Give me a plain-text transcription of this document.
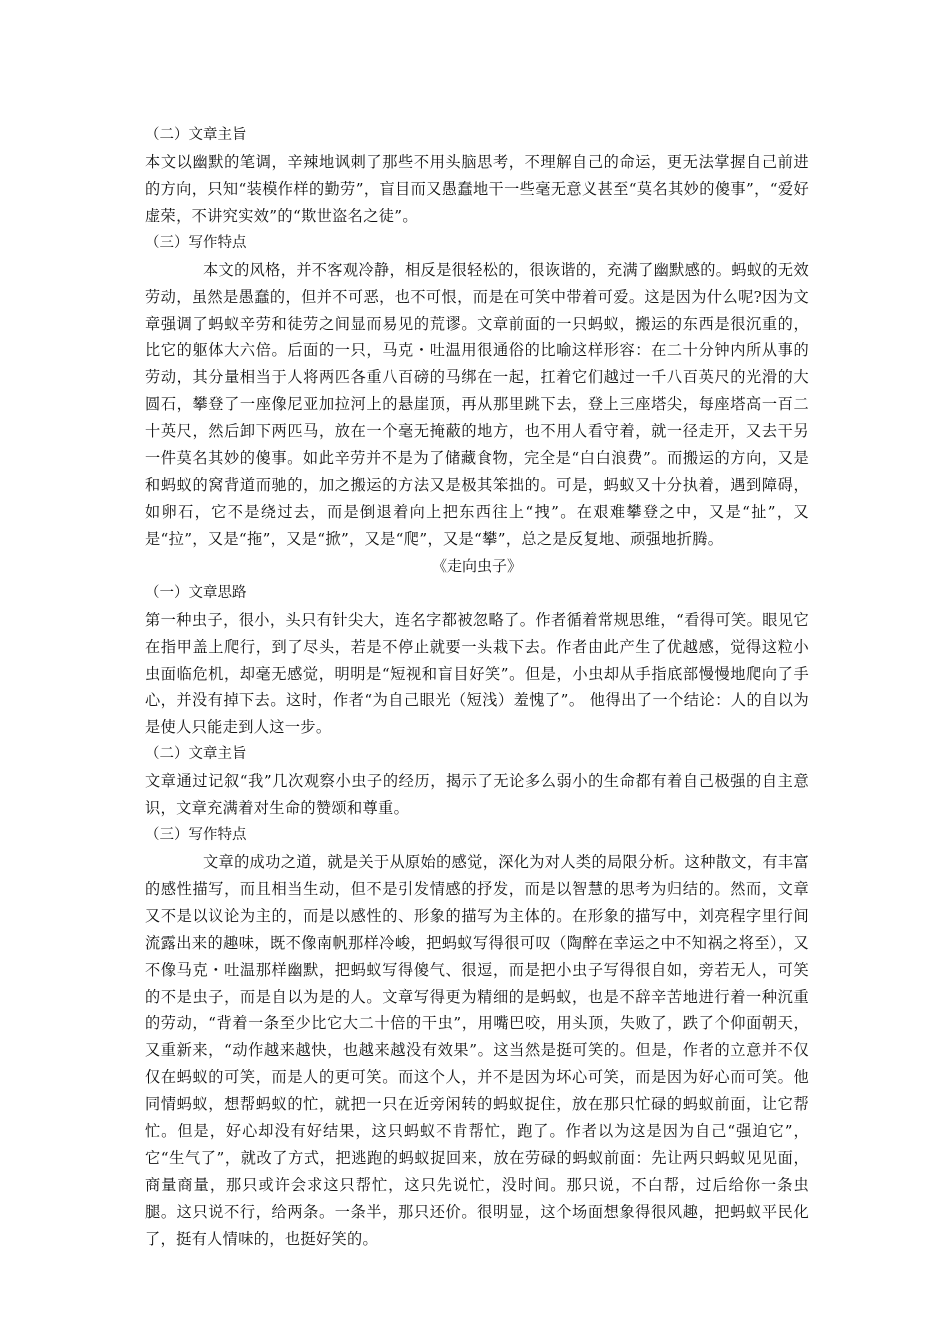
（二）文章主旨

本文以幽默的笔调，辛辣地讽刺了那些不用头脑思考，不理解自己的命运，更无法掌握自己前进的方向，只知“装模作样的勤劳”，盲目而又愚蠢地干一些毫无意义甚至“莫名其妙的傻事”，“爱好虚荣，不讲究实效”的“欺世盗名之徒”。

（三）写作特点

本文的风格，并不客观冷静，相反是很轻松的，很诙谐的，充满了幽默感的。蚂蚁的无效劳动，虽然是愚蠢的，但并不可恶，也不可恨，而是在可笑中带着可爱。这是因为什么呢?因为文章强调了蚂蚁辛劳和徒劳之间显而易见的荒谬。文章前面的一只蚂蚁，搬运的东西是很沉重的，比它的躯体大六倍。后面的一只，马克・吐温用很通俗的比喻这样形容：在二十分钟内所从事的劳动，其分量相当于人将两匹各重八百磅的马绑在一起，扛着它们越过一千八百英尺的光滑的大圆石，攀登了一座像尼亚加拉河上的悬崖顶，再从那里跳下去，登上三座塔尖，每座塔高一百二十英尺，然后卸下两匹马，放在一个毫无掩蔽的地方，也不用人看守着，就一径走开，又去干另一件莫名其妙的傻事。如此辛劳并不是为了储藏食物，完全是“白白浪费”。而搬运的方向，又是和蚂蚁的窝背道而驰的，加之搬运的方法又是极其笨拙的。可是，蚂蚁又十分执着，遇到障碍，如卵石，它不是绕过去，而是倒退着向上把东西往上“拽”。在艰难攀登之中，又是“扯”，又是“拉”，又是“拖”，又是“掀”，又是“爬”，又是“攀”，总之是反复地、顽强地折腾。

《走向虫子》

（一）文章思路

第一种虫子，很小，头只有针尖大，连名字都被忽略了。作者循着常规思维，“看得可笑。眼见它在指甲盖上爬行，到了尽头，若是不停止就要一头栽下去。作者由此产生了优越感，觉得这粒小虫面临危机，却毫无感觉，明明是“短视和盲目好笑”。但是，小虫却从手指底部慢慢地爬向了手心，并没有掉下去。这时，作者“为自己眼光（短浅）羞愧了”。 他得出了一个结论：人的自以为是使人只能走到人这一步。

（二）文章主旨

文章通过记叙“我”几次观察小虫子的经历，揭示了无论多么弱小的生命都有着自己极强的自主意识，文章充满着对生命的赞颂和尊重。

（三）写作特点

文章的成功之道，就是关于从原始的感觉，深化为对人类的局限分析。这种散文，有丰富的感性描写，而且相当生动，但不是引发情感的抒发，而是以智慧的思考为归结的。然而，文章又不是以议论为主的，而是以感性的、形象的描写为主体的。在形象的描写中，刘亮程字里行间流露出来的趣味，既不像南帆那样冷峻，把蚂蚁写得很可叹（陶醉在幸运之中不知祸之将至），又不像马克・吐温那样幽默，把蚂蚁写得傻气、很逗，而是把小虫子写得很自如，旁若无人，可笑的不是虫子，而是自以为是的人。文章写得更为精细的是蚂蚁，也是不辞辛苦地进行着一种沉重的劳动，“背着一条至少比它大二十倍的干虫”，用嘴巴咬，用头顶，失败了，跌了个仰面朝天，又重新来，“动作越来越快，也越来越没有效果”。这当然是挺可笑的。但是，作者的立意并不仅仅在蚂蚁的可笑，而是人的更可笑。而这个人，并不是因为坏心可笑，而是因为好心而可笑。他同情蚂蚁，想帮蚂蚁的忙，就把一只在近旁闲转的蚂蚁捉住，放在那只忙碌的蚂蚁前面，让它帮忙。但是，好心却没有好结果，这只蚂蚁不肯帮忙，跑了。作者以为这是因为自己“强迫它”，它“生气了”，就改了方式，把逃跑的蚂蚁捉回来，放在劳碌的蚂蚁前面：先让两只蚂蚁见见面，商量商量，那只或许会求这只帮忙，这只先说忙，没时间。那只说，不白帮，过后给你一条虫腿。这只说不行，给两条。一条半，那只还价。很明显，这个场面想象得很风趣，把蚂蚁平民化了，挺有人情味的，也挺好笑的。
